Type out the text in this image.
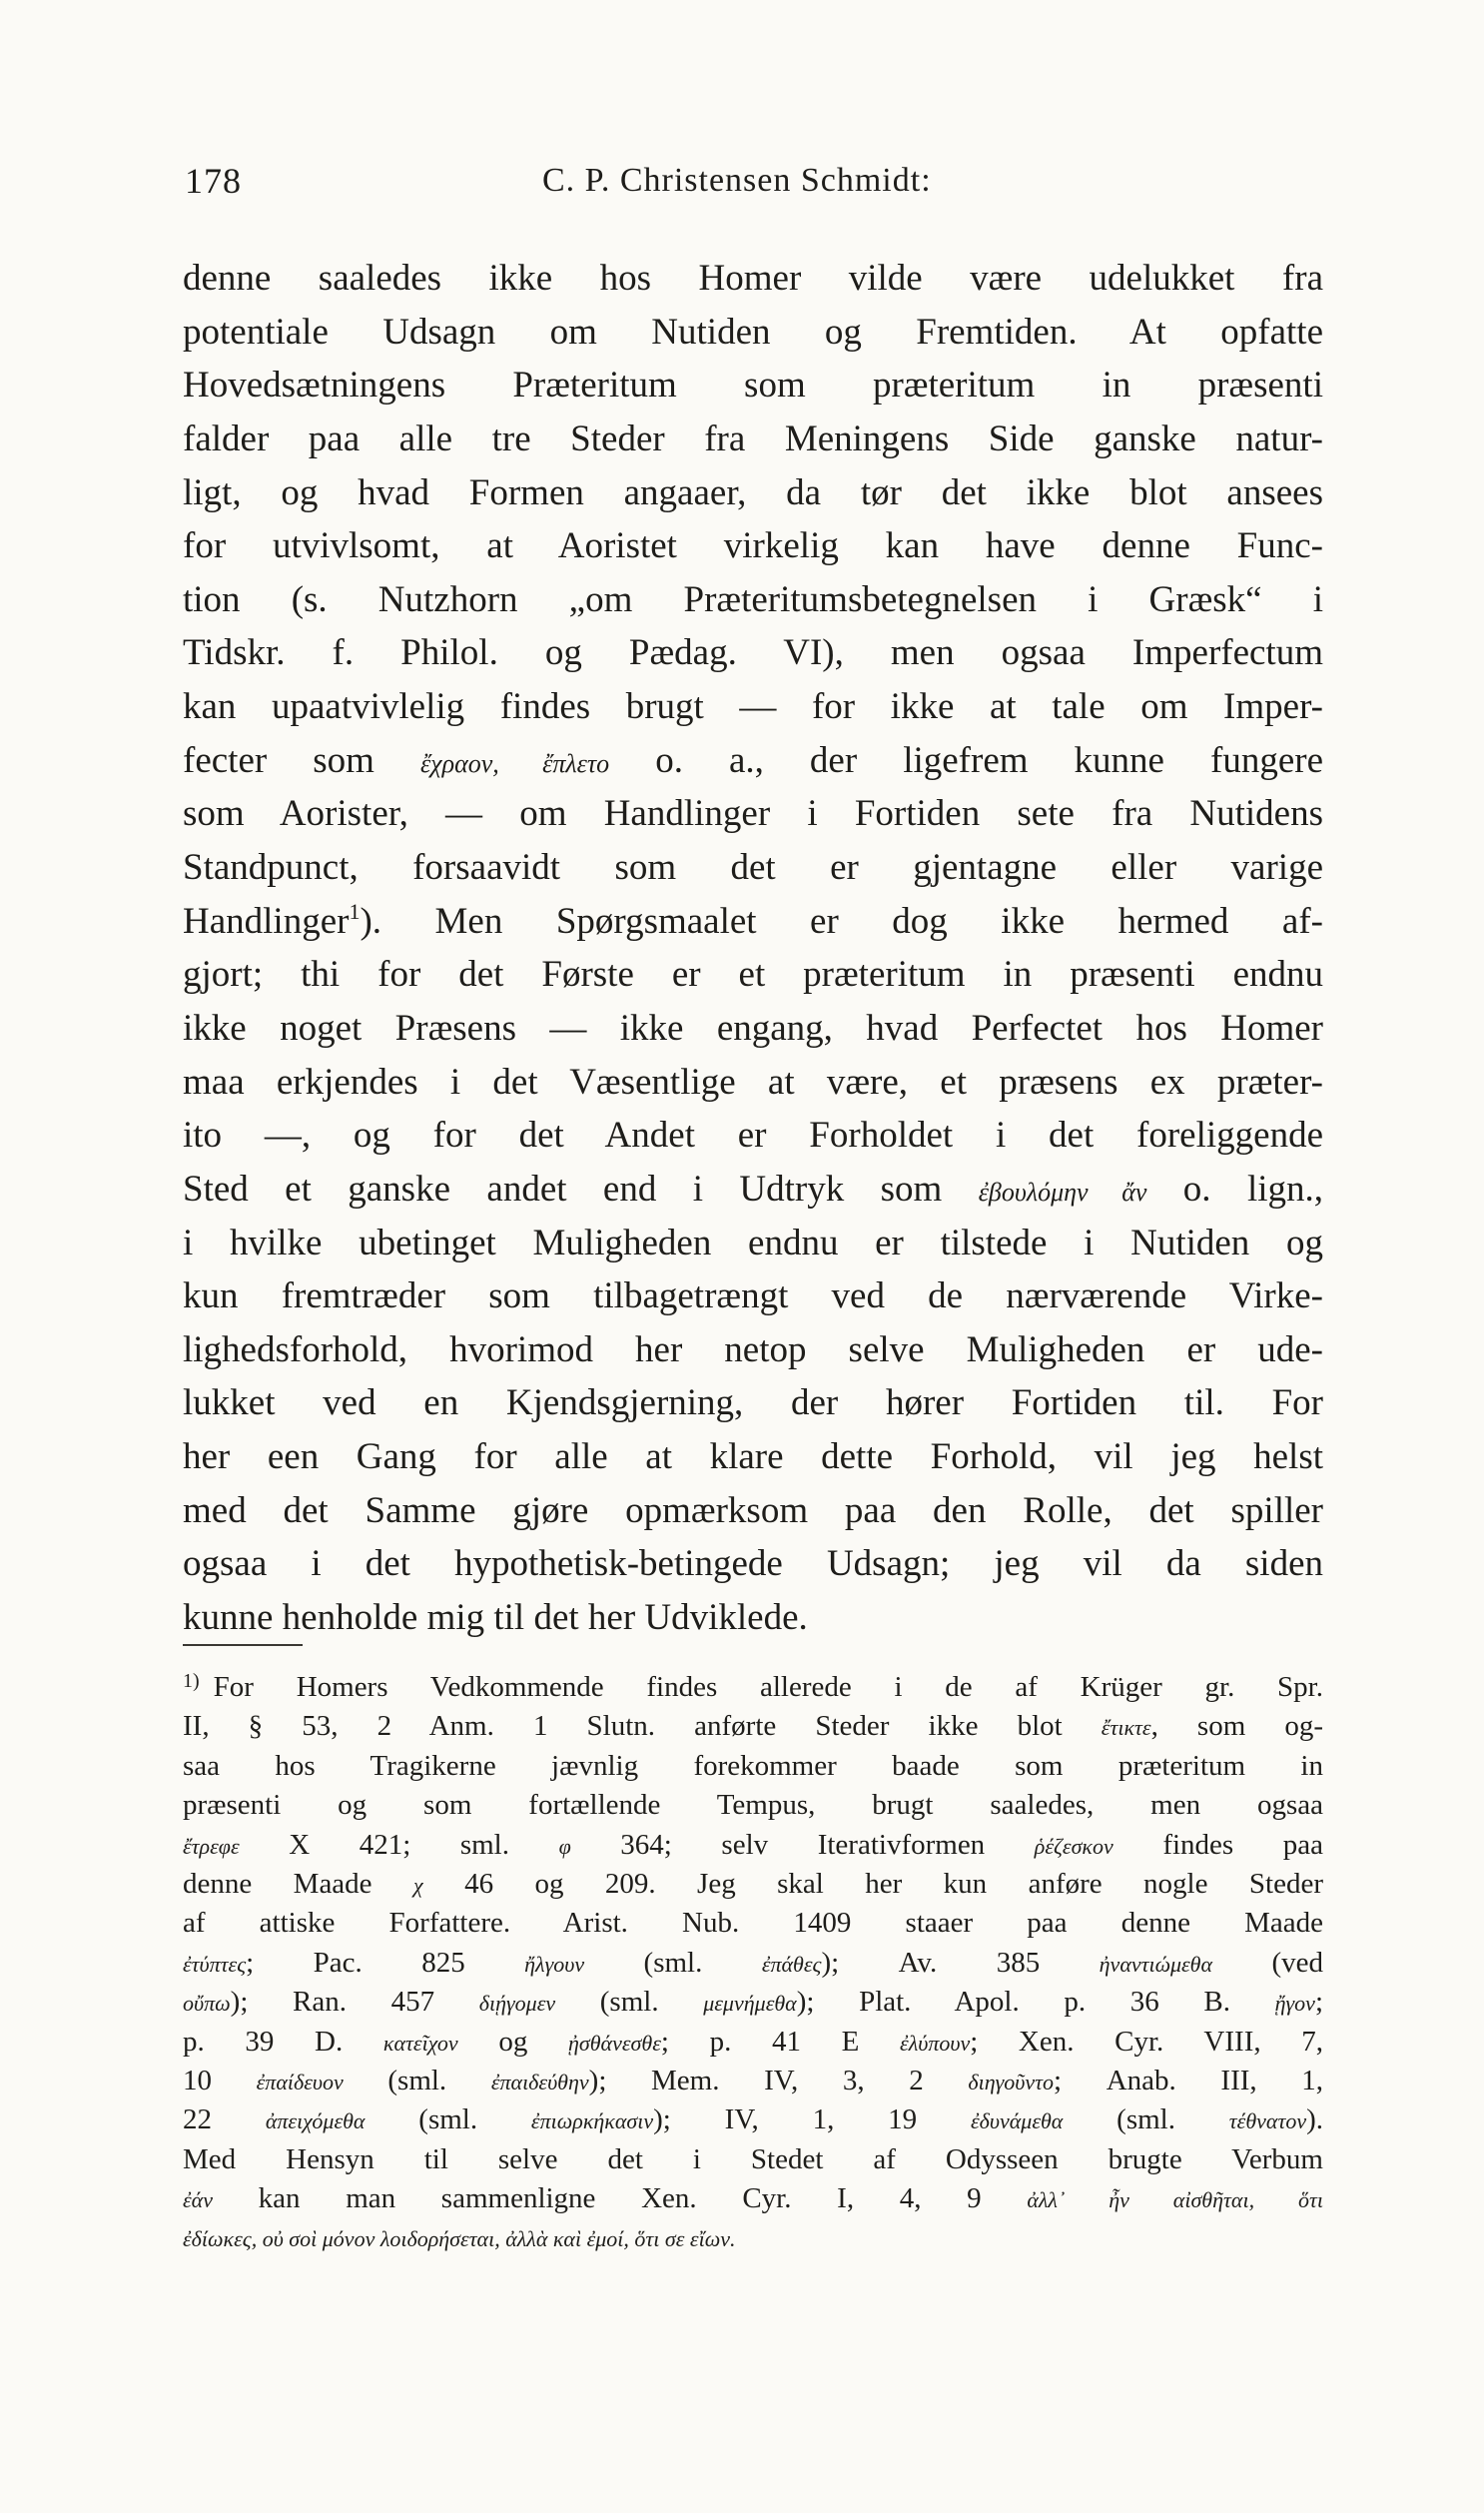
178	C. P. Christensen Schmidt:
denne saaledes ikke hos Homer vilde være udelukket fra
potentiale Udsagn om Nutiden og Fremtiden. At opfatte
Hovedsætningens Præteritum som præteritum in præsenti
falder paa alle tre Steder fra Meningens Side ganske natur-
ligt, og hvad Formen angaaer, da tør det ikke blot ansees
for utvivlsomt, at Aoristet virkelig kan have denne Func-
tion (s. Nutzhorn „om Præteritumsbetegnelsen i Græsk“ i
Tidskr. f. Philol. og Pædag. VI), men ogsaa Imperfectum
kan upaatvivlelig findes brugt — for ikke at tale om Imper-
fecter som ἔχραον, ἔπλετο o. a., der ligefrem kunne fungere
som Aorister, — om Handlinger i Fortiden sete fra Nutidens
Standpunct, forsaavidt som det er gjentagne eller varige
Handlinger$^1$). Men Spørgsmaalet er dog ikke hermed af-
gjort; thi for det Første er et præteritum in præsenti endnu
ikke noget Præsens — ikke engang, hvad Perfectet hos Homer
maa erkjendes i det Væsentlige at være, et præsens ex præter-
ito —, og for det Andet er Forholdet i det foreliggende
Sted et ganske andet end i Udtryk som ἐβουλόμην ἄν o. lign.,
i hvilke ubetinget Muligheden endnu er tilstede i Nutiden og
kun fremtræder som tilbagetrængt ved de nærværende Virke-
lighedsforhold, hvorimod her netop selve Muligheden er ude-
lukket ved en Kjendsgjerning, der hører Fortiden til. For
her een Gang for alle at klare dette Forhold, vil jeg helst
med det Samme gjøre opmærksom paa den Rolle, det spiller
ogsaa i det hypothetisk-betingede Udsagn; jeg vil da siden
kunne henholde mig til det her Udviklede.
$^{1)}$ For Homers Vedkommende findes allerede i de af Krüger gr. Spr.
II, § 53, 2 Anm. 1 Slutn. anførte Steder ikke blot ἔτικτε, som og-
saa hos Tragikerne jævnlig forekommer baade som præteritum in
præsenti og som fortællende Tempus, brugt saaledes, men ogsaa
ἔτρεφε X 421; sml. φ 364; selv Iterativformen ῥέζεσκον findes paa
denne Maade χ 46 og 209. Jeg skal her kun anføre nogle Steder
af attiske Forfattere. Arist. Nub. 1409 staaer paa denne Maade
ἐτύπτες; Pac. 825 ἤλγουν (sml. ἐπάθες); Av. 385 ἠναντιώμεθα (ved
οὔπω); Ran. 457 διῄγομεν (sml. μεμνήμεθα); Plat. Apol. p. 36 B. ᾔγον;
p. 39 D. κατεῖχον og ᾐσθάνεσθε; p. 41 E ἐλύπουν; Xen. Cyr. VIII, 7,
10 ἐπαίδευον (sml. ἐπαιδεύθην); Mem. IV, 3, 2 διηγοῦντο; Anab. III, 1,
22 ἀπειχόμεθα (sml. ἐπιωρκήκασιν); IV, 1, 19 ἐδυνάμεθα (sml. τέθνατον).
Med Hensyn til selve det i Stedet af Odysseen brugte Verbum
ἐάν kan man sammenligne Xen. Cyr. I, 4, 9 ἀλλ᾽ ἦν αἰσθῆται, ὅτι
ἐδίωκες, οὐ σοὶ μόνον λοιδορήσεται, ἀλλὰ καὶ ἐμοί, ὅτι σε εἴων.
